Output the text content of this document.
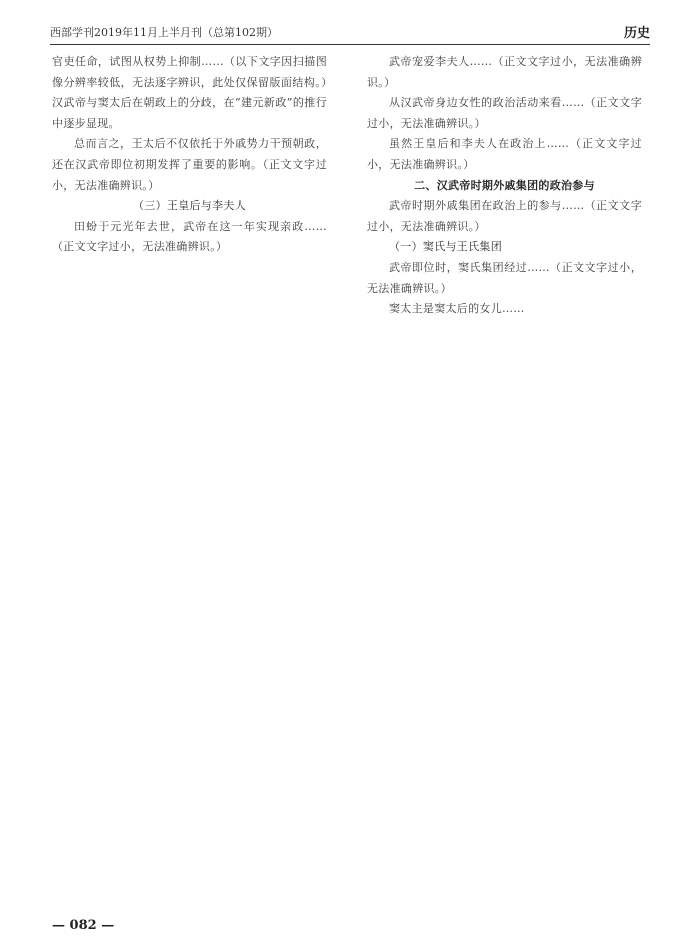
西部学刊2019年11月上半月刊（总第102期）	历史

官吏任命，试图从权势上抑制……（以下文字因扫描图像分辨率较低，无法逐字辨识，此处仅保留版面结构。）汉武帝与窦太后在朝政上的分歧，在“建元新政”的推行中逐步显现。

总而言之，王太后不仅依托于外戚势力干预朝政，还在汉武帝即位初期发挥了重要的影响。（正文文字过小，无法准确辨识。）

（三）王皇后与李夫人

田蚡于元光年去世，武帝在这一年实现亲政……（正文文字过小，无法准确辨识。）

武帝宠爱李夫人……（正文文字过小，无法准确辨识。）

从汉武帝身边女性的政治活动来看……（正文文字过小，无法准确辨识。）

虽然王皇后和李夫人在政治上……（正文文字过小，无法准确辨识。）

二、汉武帝时期外戚集团的政治参与

武帝时期外戚集团在政治上的参与……（正文文字过小，无法准确辨识。）

（一）窦氏与王氏集团

武帝即位时，窦氏集团经过……（正文文字过小，无法准确辨识。）

窦太主是窦太后的女儿……

— 082 —
